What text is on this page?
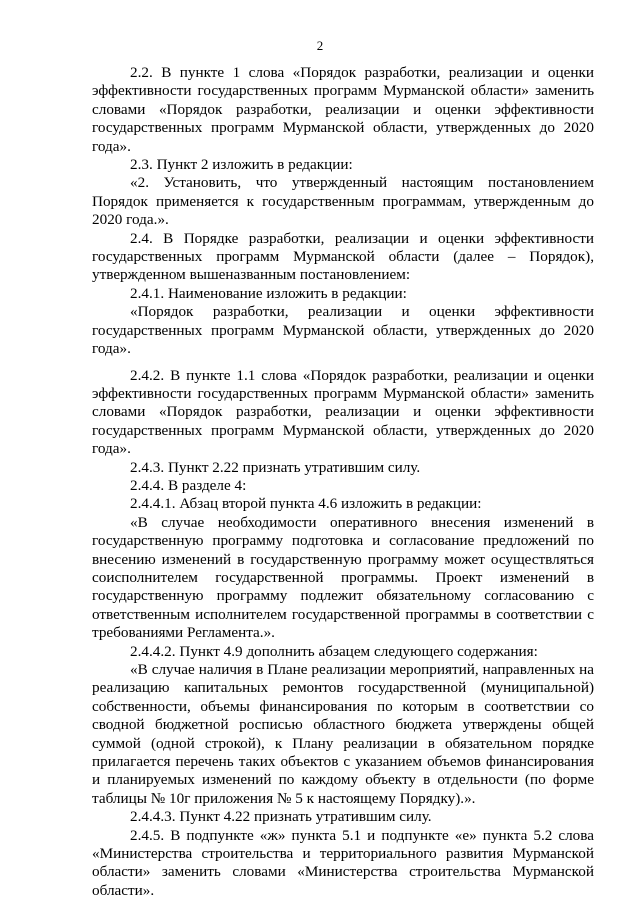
2

2.2. В пункте 1 слова «Порядок разработки, реализации и оценки эффективности государственных программ Мурманской области» заменить словами «Порядок разработки, реализации и оценки эффективности государственных программ Мурманской области, утвержденных до 2020 года».

2.3. Пункт 2 изложить в редакции:

«2. Установить, что утвержденный настоящим постановлением Порядок применяется к государственным программам, утвержденным до 2020 года.».

2.4. В Порядке разработки, реализации и оценки эффективности государственных программ Мурманской области (далее – Порядок), утвержденном вышеназванным постановлением:

2.4.1. Наименование изложить в редакции:

«Порядок разработки, реализации и оценки эффективности государственных программ Мурманской области, утвержденных до 2020 года».

2.4.2. В пункте 1.1 слова «Порядок разработки, реализации и оценки эффективности государственных программ Мурманской области» заменить словами «Порядок разработки, реализации и оценки эффективности государственных программ Мурманской области, утвержденных до 2020 года».

2.4.3. Пункт 2.22 признать утратившим силу.

2.4.4. В разделе 4:

2.4.4.1. Абзац второй пункта 4.6 изложить в редакции:

«В случае необходимости оперативного внесения изменений в государственную программу подготовка и согласование предложений по внесению изменений в государственную программу может осуществляться соисполнителем государственной программы. Проект изменений в государственную программу подлежит обязательному согласованию с ответственным исполнителем государственной программы в соответствии с требованиями Регламента.».

2.4.4.2. Пункт 4.9 дополнить абзацем следующего содержания:

«В случае наличия в Плане реализации мероприятий, направленных на реализацию капитальных ремонтов государственной (муниципальной) собственности, объемы финансирования по которым в соответствии со сводной бюджетной росписью областного бюджета утверждены общей суммой (одной строкой), к Плану реализации в обязательном порядке прилагается перечень таких объектов с указанием объемов финансирования и планируемых изменений по каждому объекту в отдельности (по форме таблицы № 10г приложения № 5 к настоящему Порядку).».

2.4.4.3. Пункт 4.22 признать утратившим силу.

2.4.5. В подпункте «ж» пункта 5.1 и подпункте «е» пункта 5.2 слова «Министерства строительства и территориального развития Мурманской области» заменить словами «Министерства строительства Мурманской области».
